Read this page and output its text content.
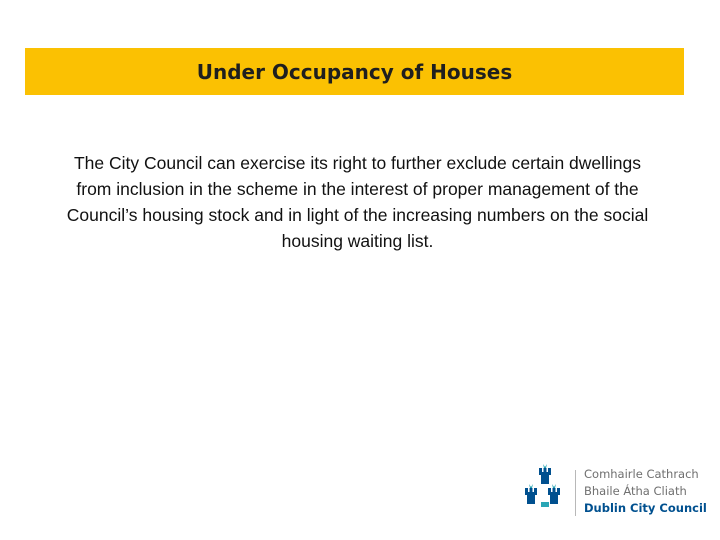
Under Occupancy of Houses
The City Council can exercise its right to further exclude certain dwellings from inclusion in the scheme in the interest of proper management of the Council’s housing stock and in light of the increasing numbers on the social housing waiting list.
Comhairle Cathrach
Bhaile Átha Cliath
Dublin City Council
